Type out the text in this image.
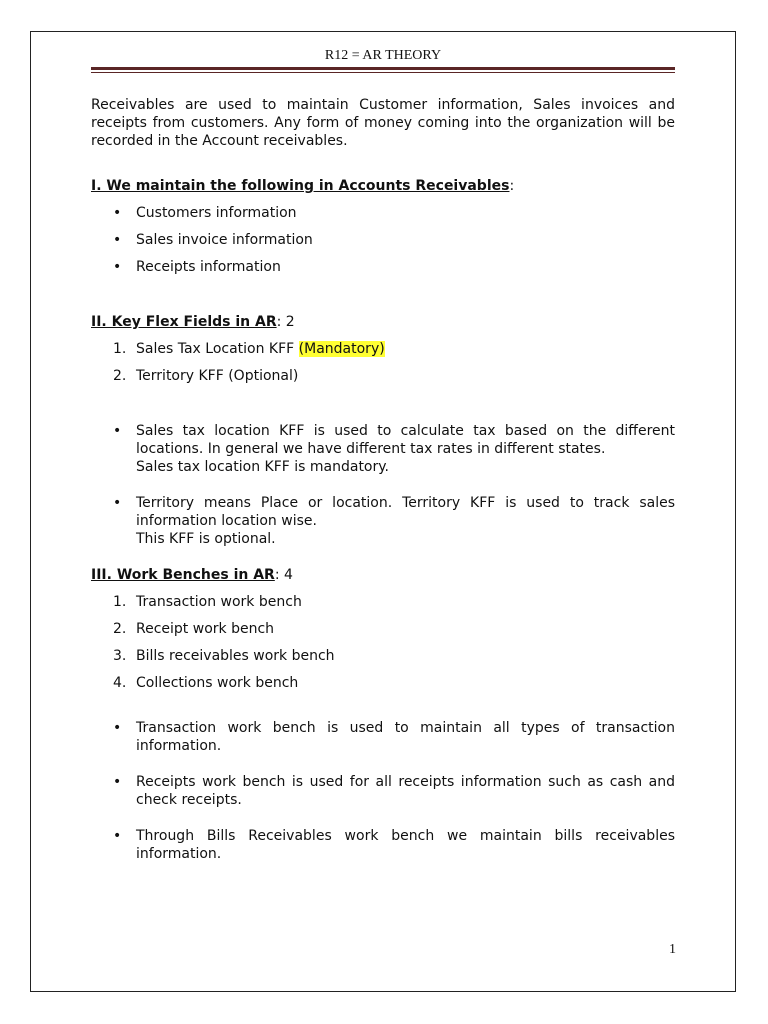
R12 = AR THEORY

Receivables are used to maintain Customer information, Sales invoices and receipts from customers. Any form of money coming into the organization will be recorded in the Account receivables.

I. We maintain the following in Accounts Receivables:

• Customers information
• Sales invoice information
• Receipts information

II. Key Flex Fields in AR: 2

1. Sales Tax Location KFF (Mandatory)
2. Territory KFF (Optional)
• Sales tax location KFF is used to calculate tax based on the different locations. In general we have different tax rates in different states.
Sales tax location KFF is mandatory.
• Territory means Place or location. Territory KFF is used to track sales information location wise.
This KFF is optional.

III. Work Benches in AR: 4

1. Transaction work bench
2. Receipt work bench
3. Bills receivables work bench
4. Collections work bench
• Transaction work bench is used to maintain all types of transaction information.
• Receipts work bench is used for all receipts information such as cash and check receipts.
• Through Bills Receivables work bench we maintain bills receivables information.
1
